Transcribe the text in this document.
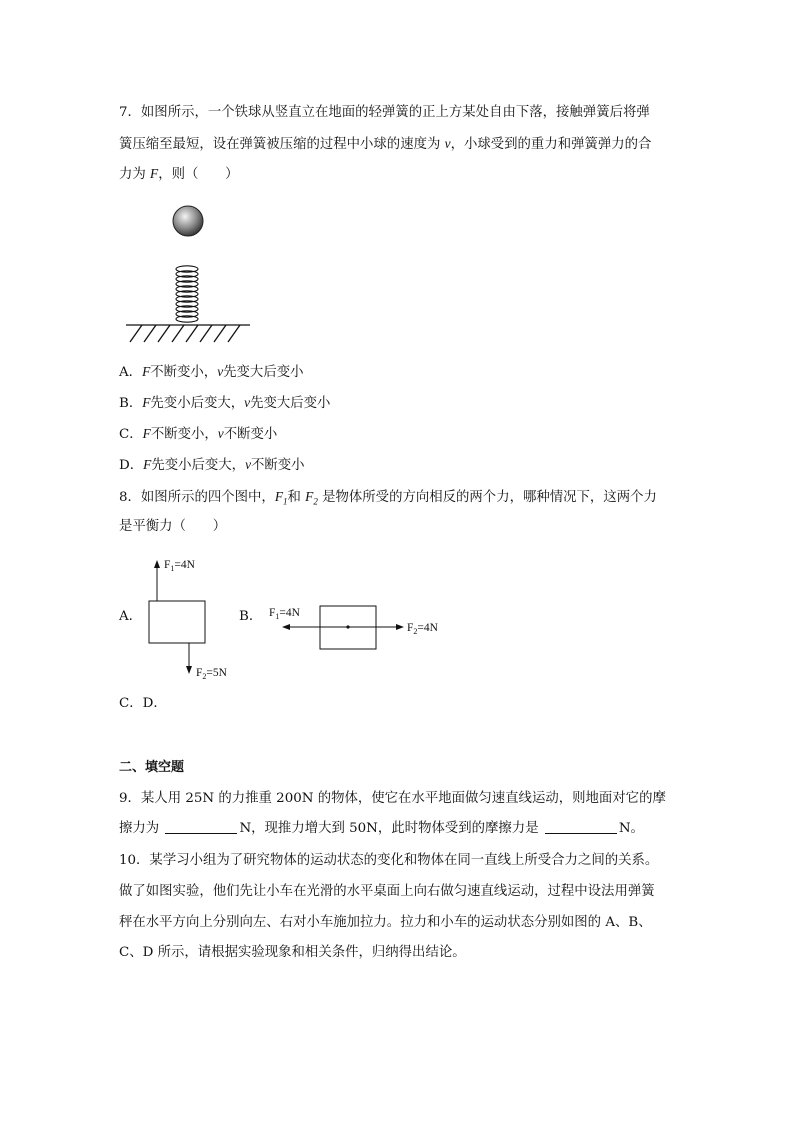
7．如图所示，一个铁球从竖直立在地面的轻弹簧的正上方某处自由下落，接触弹簧后将弹
簧压缩至最短，设在弹簧被压缩的过程中小球的速度为 v，小球受到的重力和弹簧弹力的合
力为 F，则（　　）
A．F不断变小，v先变大后变小
B．F先变小后变大，v先变大后变小
C．F不断变小，v不断变小
D．F先变小后变大，v不断变小
8．如图所示的四个图中，$F_1$和 $F_2$ 是物体所受的方向相反的两个力，哪种情况下，这两个力
是平衡力（　　）
A．
$F_1=4N$
$F_2=5N$
B． $F_1=4N$
$F_2=4N$
C．D．
二、填空题
9．某人用 25N 的力推重 200N 的物体，使它在水平地面做匀速直线运动，则地面对它的摩
擦力为	N，现推力增大到 50N，此时物体受到的摩擦力是	N。
10．某学习小组为了研究物体的运动状态的变化和物体在同一直线上所受合力之间的关系。
做了如图实验，他们先让小车在光滑的水平桌面上向右做匀速直线运动，过程中设法用弹簧
秤在水平方向上分别向左、右对小车施加拉力。拉力和小车的运动状态分别如图的 A、B、
C、D 所示，请根据实验现象和相关条件，归纳得出结论。
